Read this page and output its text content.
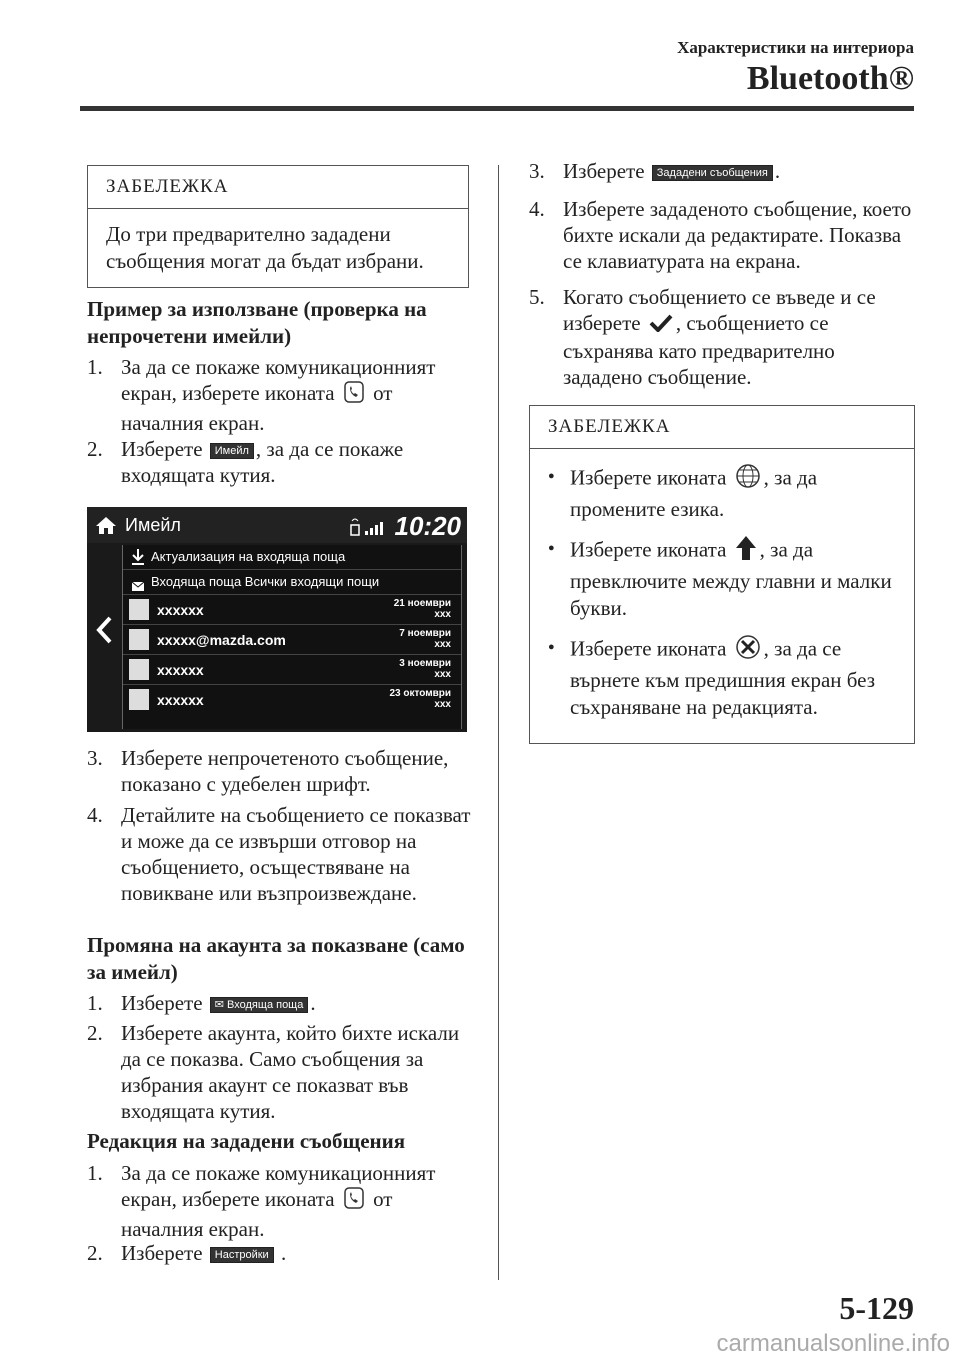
Характеристики на интериора
Bluetooth®
ЗАБЕЛЕЖКА
До три предварително зададени съобщения могат да бъдат избрани.
Пример за използване (проверка на непрочетени имейли)
1. За да се покаже комуникационният екран, изберете иконата от началния екран.
2. Изберете Имейл , за да се покаже входящата кутия.
Имейл	10:20
Актуализация на входяща поща
Входяща поща Всички входящи пощи
xxxxxx	21 ноември
xxx
xxxxx@mazda.com	7 ноември
xxx
xxxxxx	3 ноември
xxx
xxxxxx	23 октомври
xxx
3. Изберете непрочетеното съобщение, показано с удебелен шрифт.
4. Детайлите на съобщението се показват и може да се извърши отговор на съобщението, осъществяване на повикване или възпроизвеждане.
Промяна на акаунта за показване (само за имейл)
1. Изберете ✉ Входяща поща .
2. Изберете акаунта, който бихте искали да се показва. Само съобщения за избрания акаунт се показват във входящата кутия.
Редакция на зададени съобщения
1. За да се покаже комуникационният екран, изберете иконата от началния екран.
2. Изберете Настройки .
3. Изберете Зададени съобщения .
4. Изберете зададеното съобщение, което бихте искали да редактирате. Показва се клавиатурата на екрана.
5. Когато съобщението се въведе и се изберете , съобщението се съхранява като предварително зададено съобщение.
ЗАБЕЛЕЖКА
● Изберете иконата , за да промените езика.
● Изберете иконата , за да превключите между главни и малки букви.
● Изберете иконата , за да се върнете към предишния екран без съхраняване на редакцията.
5-129
carmanualsonline.info
